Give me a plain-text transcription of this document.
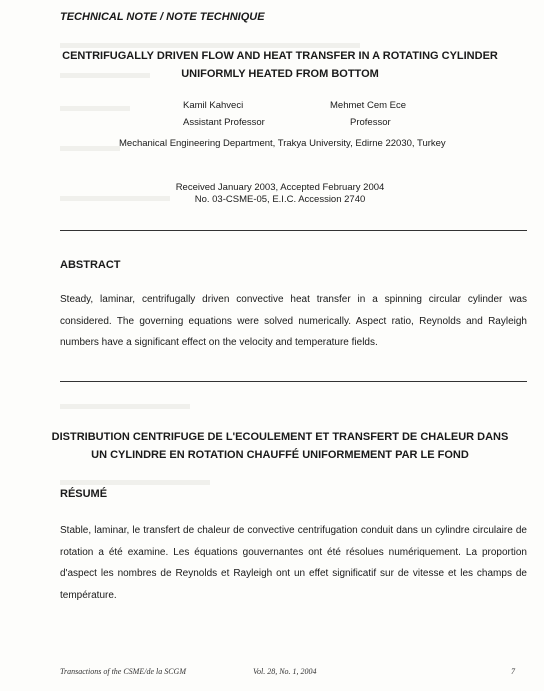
TECHNICAL NOTE / NOTE TECHNIQUE
CENTRIFUGALLY DRIVEN FLOW AND HEAT TRANSFER IN A ROTATING CYLINDER
UNIFORMLY HEATED FROM BOTTOM
Kamil Kahveci
Assistant Professor
Mehmet Cem Ece
Professor
Mechanical Engineering Department, Trakya University, Edirne 22030, Turkey
Received January 2003, Accepted February 2004
No. 03-CSME-05, E.I.C. Accession 2740
ABSTRACT
Steady, laminar, centrifugally driven convective heat transfer in a spinning circular cylinder was considered. The governing equations were solved numerically. Aspect ratio, Reynolds and Rayleigh numbers have a significant effect on the velocity and temperature fields.
DISTRIBUTION CENTRIFUGE DE L'ECOULEMENT ET TRANSFERT DE CHALEUR DANS
UN CYLINDRE EN ROTATION CHAUFFÉ UNIFORMEMENT PAR LE FOND
RÉSUMÉ
Stable, laminar, le transfert de chaleur de convective centrifugation conduit dans un cylindre circulaire de rotation a été examine. Les équations gouvernantes ont été résolues numériquement. La proportion d'aspect les nombres de Reynolds et Rayleigh ont un effet significatif sur de vitesse et les champs de température.
Transactions of the CSME/de la SCGM	Vol. 28, No. 1, 2004	7
